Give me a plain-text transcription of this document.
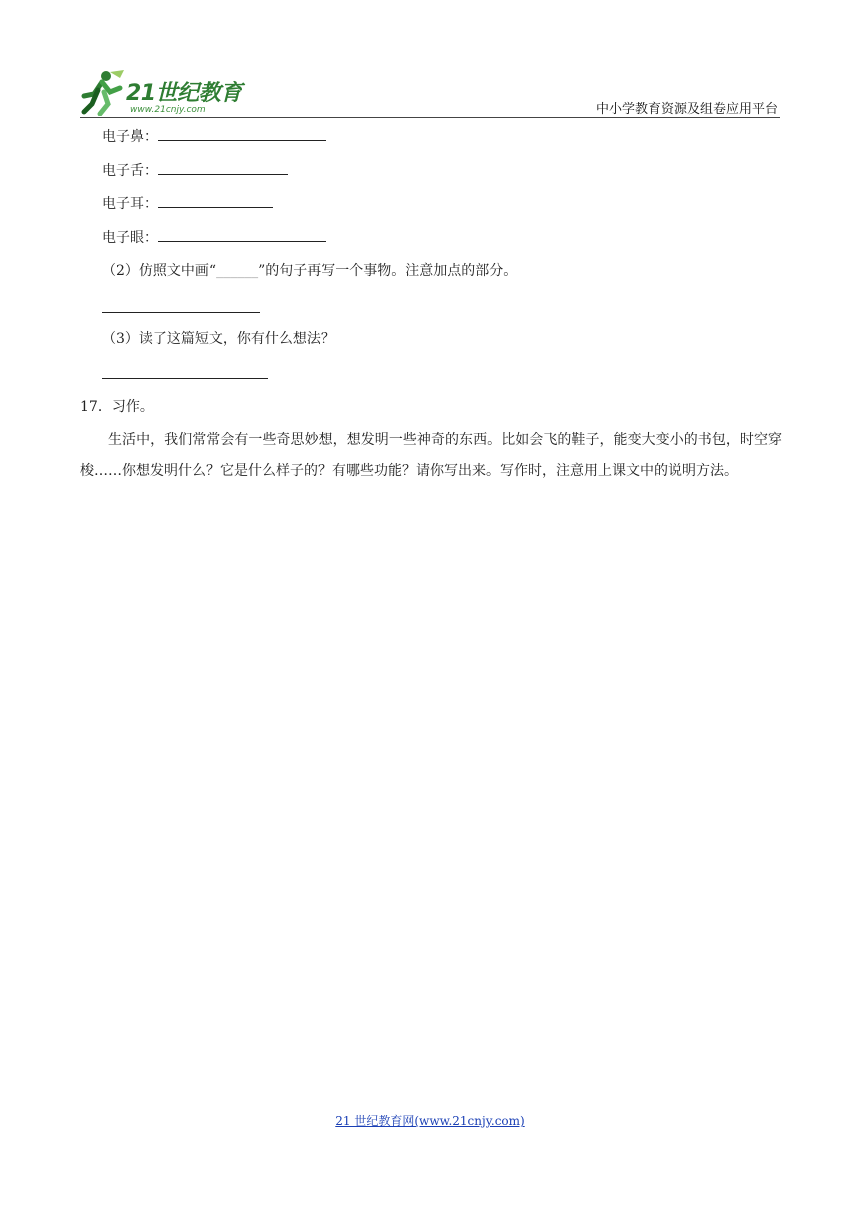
21世纪教育
www.21cnjy.com	中小学教育资源及组卷应用平台
电子鼻：
电子舌：
电子耳：
电子眼：
（2）仿照文中画“______”的句子再写一个事物。注意加点的部分。
（3）读了这篇短文，你有什么想法？
17．习作。
生活中，我们常常会有一些奇思妙想，想发明一些神奇的东西。比如会飞的鞋子，能变大变小的书包，时空穿梭……你想发明什么？它是什么样子的？有哪些功能？请你写出来。写作时，注意用上课文中的说明方法。
21 世纪教育网(www.21cnjy.com)
